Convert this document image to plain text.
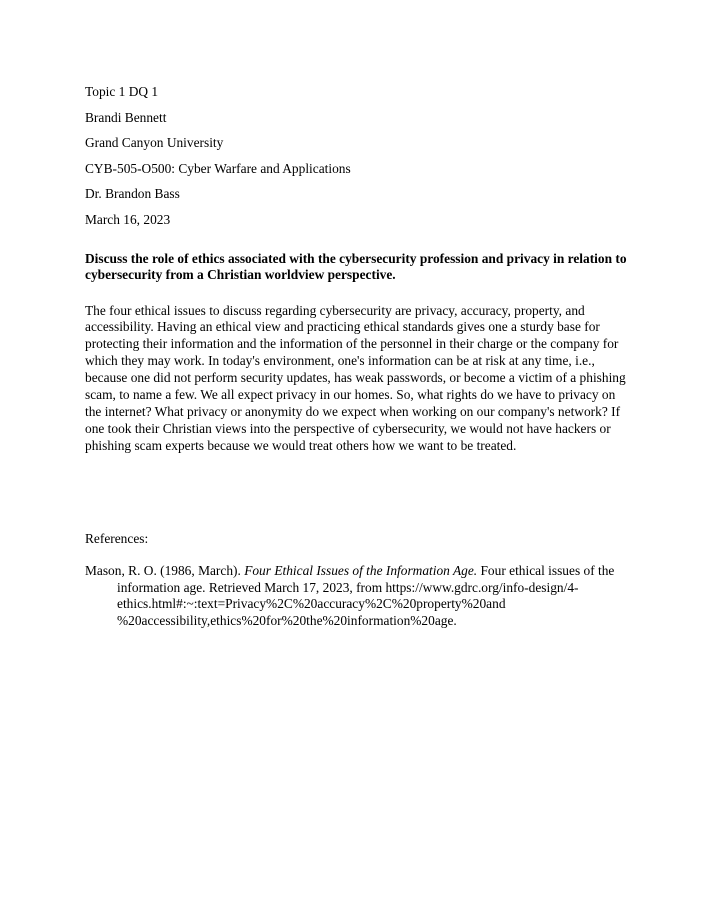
Topic 1 DQ 1
Brandi Bennett
Grand Canyon University
CYB-505-O500: Cyber Warfare and Applications
Dr. Brandon Bass
March 16, 2023
Discuss the role of ethics associated with the cybersecurity profession and privacy in relation to cybersecurity from a Christian worldview perspective.
The four ethical issues to discuss regarding cybersecurity are privacy, accuracy, property, and accessibility. Having an ethical view and practicing ethical standards gives one a sturdy base for protecting their information and the information of the personnel in their charge or the company for which they may work. In today's environment, one's information can be at risk at any time, i.e., because one did not perform security updates, has weak passwords, or become a victim of a phishing scam, to name a few. We all expect privacy in our homes. So, what rights do we have to privacy on the internet? What privacy or anonymity do we expect when working on our company's network? If one took their Christian views into the perspective of cybersecurity, we would not have hackers or phishing scam experts because we would treat others how we want to be treated.
References:
Mason, R. O. (1986, March). Four Ethical Issues of the Information Age. Four ethical issues of the information age. Retrieved March 17, 2023, from https://www.gdrc.org/info-design/4-ethics.html#:~:text=Privacy%2C%20accuracy%2C%20property%20and %20accessibility,ethics%20for%20the%20information%20age.
